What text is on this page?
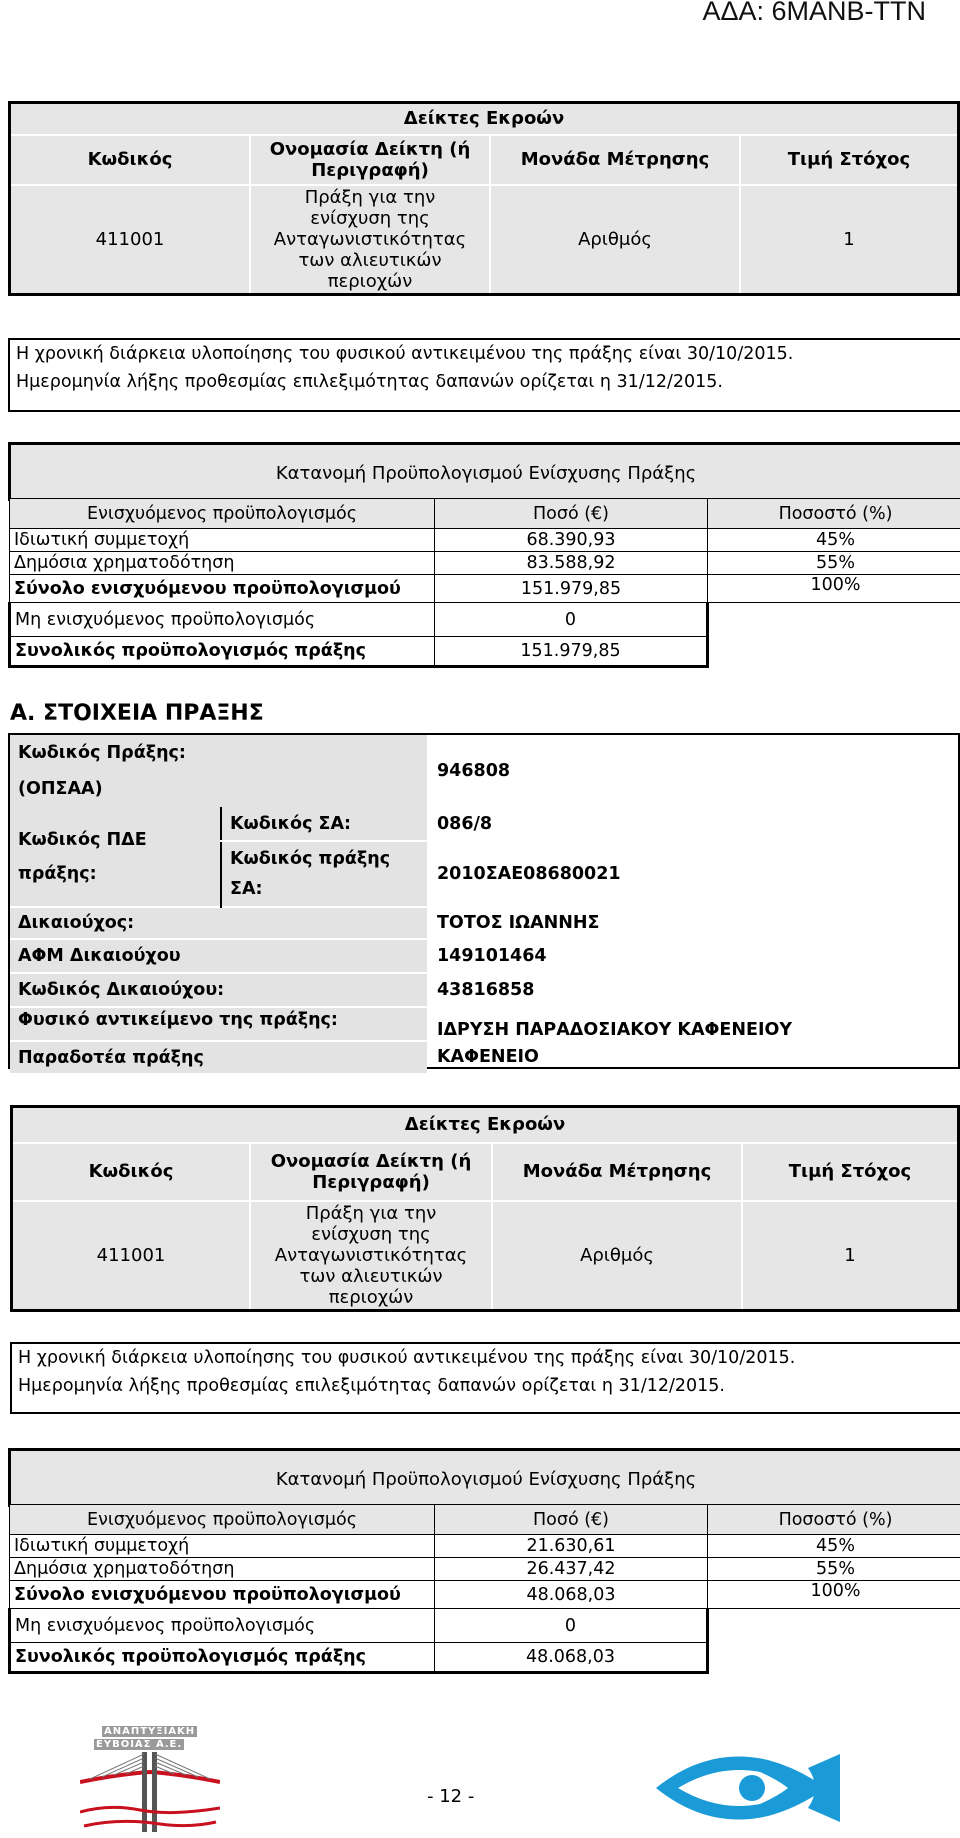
ΑΔΑ: 6ΜΑΝΒ-ΤΤΝ
Δείκτες Εκροών			
Κωδικός	Ονομασία Δείκτη (ή
Περιγραφή)	Μονάδα Μέτρησης	Τιμή Στόχος
411001	Πράξη για την
ενίσχυση της
Ανταγωνιστικότητας
των αλιευτικών
περιοχών	Αριθμός	1
Η χρονική διάρκεια υλοποίησης του φυσικού αντικειμένου της πράξης είναι 30/10/2015.
Ημερομηνία λήξης προθεσμίας επιλεξιμότητας δαπανών ορίζεται η 31/12/2015.
Κατανομή Προϋπολογισμού Ενίσχυσης Πράξης
Ενισχυόμενος προϋπολογισμός	Ποσό (€)	Ποσοστό (%)
Ιδιωτική συμμετοχή	68.390,93	45%
Δημόσια χρηματοδότηση	83.588,92	55%
Σύνολο ενισχυόμενου προϋπολογισμού	151.979,85	100%
Μη ενισχυόμενος προϋπολογισμός	0	
Συνολικός προϋπολογισμός πράξης	151.979,85	
Α. ΣΤΟΙΧΕΙΑ ΠΡΑΞΗΣ
Κωδικός Πράξης:		946808
(ΟΠΣΑΑ)		
Κωδικός ΠΔΕ
πράξης:	Κωδικός ΣΑ:	086/8
	Κωδικός πράξης
ΣΑ:	2010ΣΑΕ08680021
Δικαιούχος:		ΤΟΤΟΣ ΙΩΑΝΝΗΣ
ΑΦΜ Δικαιούχου		149101464
Κωδικός Δικαιούχου:		43816858
Φυσικό αντικείμενο της πράξης:		ΙΔΡΥΣΗ ΠΑΡΑΔΟΣΙΑΚΟΥ ΚΑΦΕΝΕΙΟΥ
Παραδοτέα πράξης		ΚΑΦΕΝΕΙΟ
Δείκτες Εκροών			
Κωδικός	Ονομασία Δείκτη (ή
Περιγραφή)	Μονάδα Μέτρησης	Τιμή Στόχος
411001	Πράξη για την
ενίσχυση της
Ανταγωνιστικότητας
των αλιευτικών
περιοχών	Αριθμός	1
Η χρονική διάρκεια υλοποίησης του φυσικού αντικειμένου της πράξης είναι 30/10/2015.
Ημερομηνία λήξης προθεσμίας επιλεξιμότητας δαπανών ορίζεται η 31/12/2015.
Κατανομή Προϋπολογισμού Ενίσχυσης Πράξης
Ενισχυόμενος προϋπολογισμός	Ποσό (€)	Ποσοστό (%)
Ιδιωτική συμμετοχή	21.630,61	45%
Δημόσια χρηματοδότηση	26.437,42	55%
Σύνολο ενισχυόμενου προϋπολογισμού	48.068,03	100%
Μη ενισχυόμενος προϋπολογισμός	0	
Συνολικός προϋπολογισμός πράξης	48.068,03	
ΑΝΑΠΤΥΞΙΑΚΗ
ΕΥΒΟΙΑΣ Α.Ε.
- 12 -
